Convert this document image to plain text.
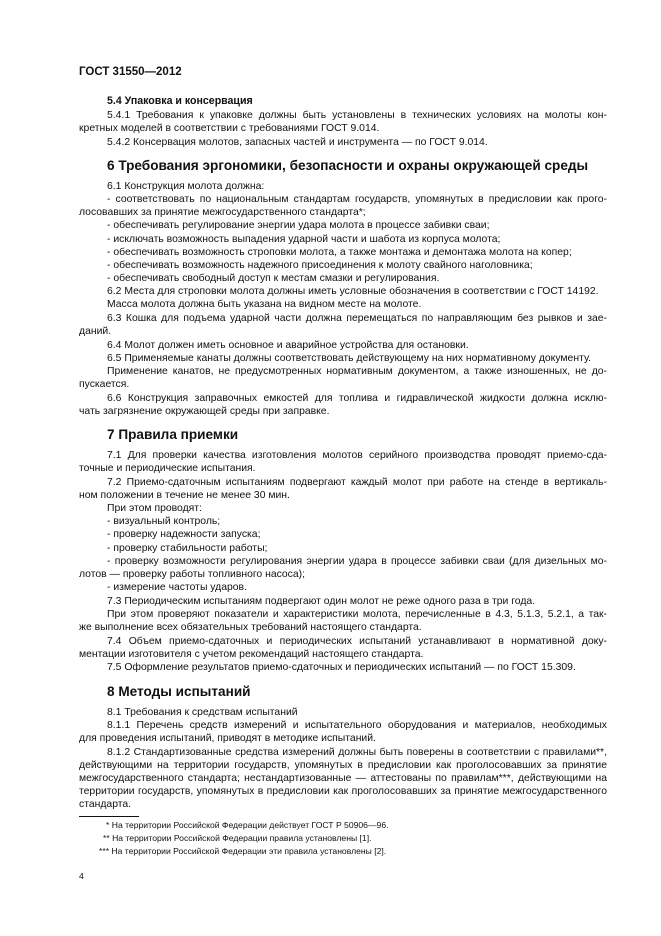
ГОСТ 31550—2012
5.4 Упаковка и консервация
5.4.1 Требования к упаковке должны быть установлены в технических условиях на молоты кон-
кретных моделей в соответствии с требованиями ГОСТ 9.014.
5.4.2 Консервация молотов, запасных частей и инструмента — по ГОСТ 9.014.
6 Требования эргономики, безопасности и охраны окружающей среды
6.1 Конструкция молота должна:
- соответствовать по национальным стандартам государств, упомянутых в предисловии как прого-
лосовавших за принятие межгосударственного стандарта*;
- обеспечивать регулирование энергии удара молота в процессе забивки сваи;
- исключать возможность выпадения ударной части и шабота из корпуса молота;
- обеспечивать возможность строповки молота, а также монтажа и демонтажа молота на копер;
- обеспечивать возможность надежного присоединения к молоту свайного наголовника;
- обеспечивать свободный доступ к местам смазки и регулирования.
6.2 Места для строповки молота должны иметь условные обозначения в соответствии с ГОСТ 14192.
Масса молота должна быть указана на видном месте на молоте.
6.3 Кошка для подъема ударной части должна перемещаться по направляющим без рывков и зае-
даний.
6.4 Молот должен иметь основное и аварийное устройства для остановки.
6.5 Применяемые канаты должны соответствовать действующему на них нормативному документу.
Применение канатов, не предусмотренных нормативным документом, а также изношенных, не до-
пускается.
6.6 Конструкция заправочных емкостей для топлива и гидравлической жидкости должна исклю-
чать загрязнение окружающей среды при заправке.
7 Правила приемки
7.1 Для проверки качества изготовления молотов серийного производства проводят приемо-сда-
точные и периодические испытания.
7.2 Приемо-сдаточным испытаниям подвергают каждый молот при работе на стенде в вертикаль-
ном положении в течение не менее 30 мин.
При этом проводят:
- визуальный контроль;
- проверку надежности запуска;
- проверку стабильности работы;
- проверку возможности регулирования энергии удара в процессе забивки сваи (для дизельных мо-
лотов — проверку работы топливного насоса);
- измерение частоты ударов.
7.3 Периодическим испытаниям подвергают один молот не реже одного раза в три года.
При этом проверяют показатели и характеристики молота, перечисленные в 4.3, 5.1.3, 5.2.1, а так-
же выполнение всех обязательных требований настоящего стандарта.
7.4 Объем приемо-сдаточных и периодических испытаний устанавливают в нормативной доку-
ментации изготовителя с учетом рекомендаций настоящего стандарта.
7.5 Оформление результатов приемо-сдаточных и периодических испытаний — по ГОСТ 15.309.
8 Методы испытаний
8.1 Требования к средствам испытаний
8.1.1 Перечень средств измерений и испытательного оборудования и материалов, необходимых
для проведения испытаний, приводят в методике испытаний.
8.1.2 Стандартизованные средства измерений должны быть поверены в соответствии с правилами**,
действующими на территории государств, упомянутых в предисловии как проголосовавших за принятие
межгосударственного стандарта; нестандартизованные — аттестованы по правилам***, действующими на
территории государств, упомянутых в предисловии как проголосовавших за принятие межгосударственного
стандарта.
* На территории Российской Федерации действует ГОСТ Р 50906—96.
** На территории Российской Федерации правила установлены [1].
*** На территории Российской Федерации эти правила установлены [2].
4
